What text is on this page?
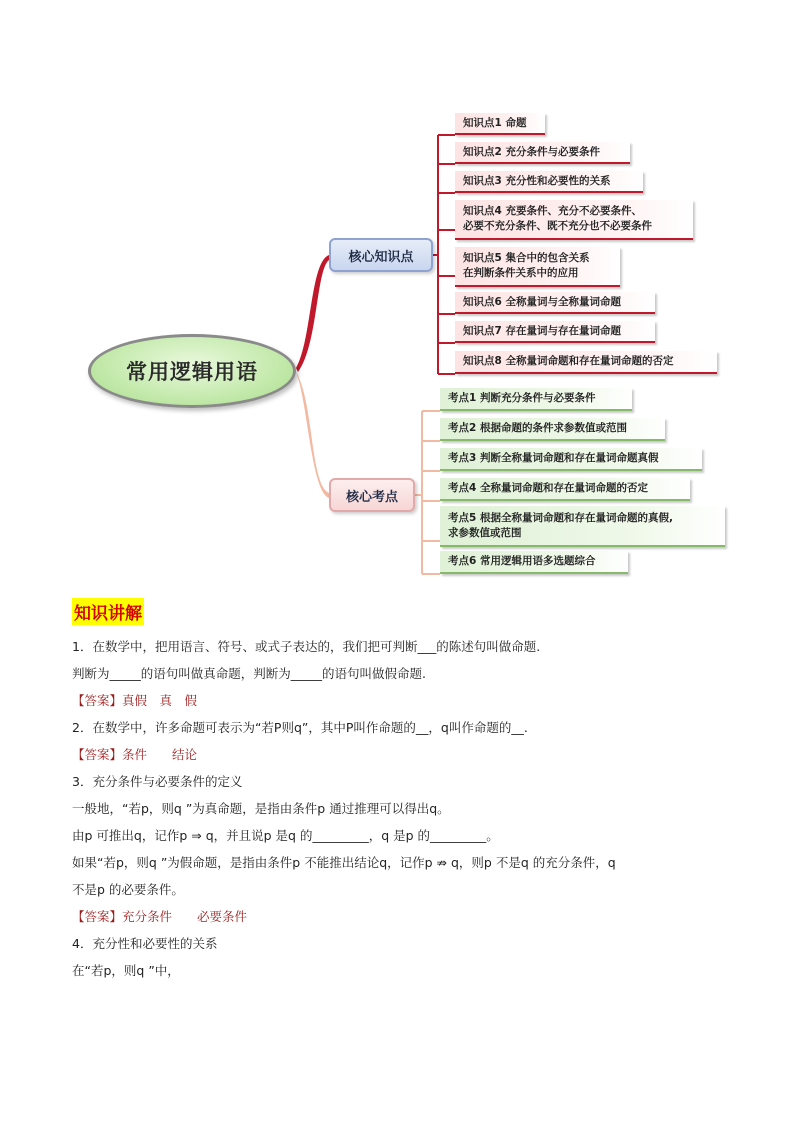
常用逻辑用语
核心知识点
核心考点
知识点1 命题
知识点2 充分条件与必要条件
知识点3 充分性和必要性的关系
知识点4 充要条件、充分不必要条件、
必要不充分条件、既不充分也不必要条件
知识点5 集合中的包含关系
在判断条件关系中的应用
知识点6 全称量词与全称量词命题
知识点7 存在量词与存在量词命题
知识点8 全称量词命题和存在量词命题的否定
考点1 判断充分条件与必要条件
考点2 根据命题的条件求参数值或范围
考点3 判断全称量词命题和存在量词命题真假
考点4 全称量词命题和存在量词命题的否定
考点5 根据全称量词命题和存在量词命题的真假,
求参数值或范围
考点6 常用逻辑用语多选题综合
知识讲解
1．在数学中，把用语言、符号、或式子表达的，我们把可判断___的陈述句叫做命题.
判断为_____的语句叫做真命题，判断为_____的语句叫做假命题.
【答案】真假　真　假
2．在数学中，许多命题可表示为“若P则q”，其中P叫作命题的__，q叫作命题的__.
【答案】条件　　结论
3．充分条件与必要条件的定义
一般地，“若p，则q ”为真命题，是指由条件p 通过推理可以得出q。
由p 可推出q，记作p ⇒ q，并且说p 是q 的_________，q 是p 的_________。
如果“若p，则q ”为假命题，是指由条件p 不能推出结论q，记作p ⇏ q，则p 不是q 的充分条件，q
不是p 的必要条件。
【答案】充分条件　　必要条件
4．充分性和必要性的关系
在“若p，则q ”中，
